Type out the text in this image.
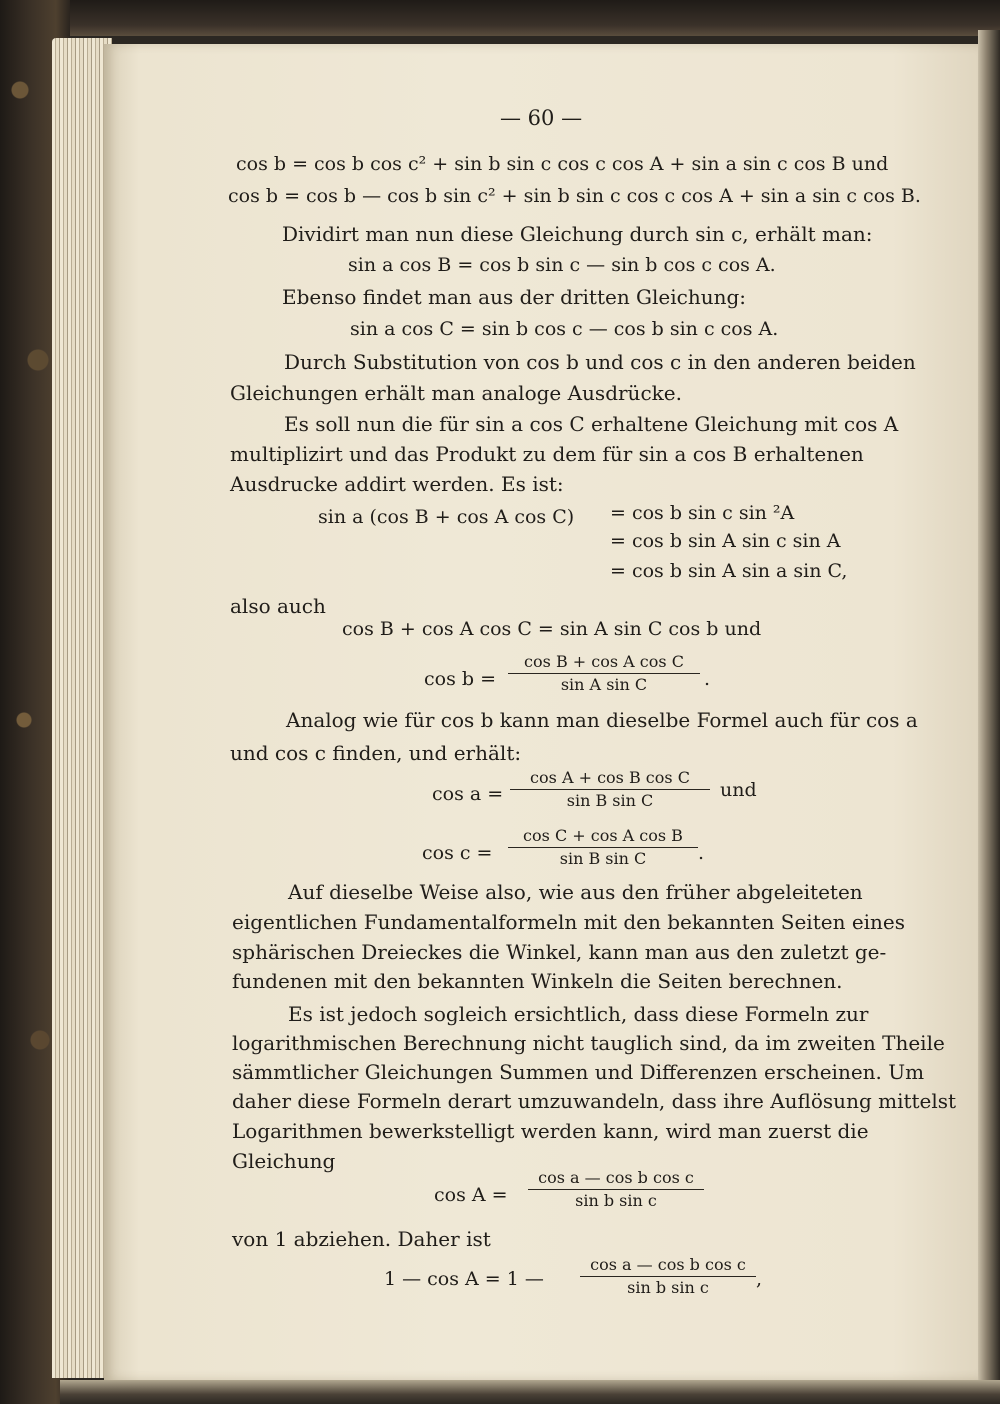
— 60 —
cos b = cos b cos c² + sin b sin c cos c cos A + sin a sin c cos B und
cos b = cos b — cos b sin c² + sin b sin c cos c cos A + sin a sin c cos B.
Dividirt man nun diese Gleichung durch sin c, erhält man:
sin a cos B = cos b sin c — sin b cos c cos A.
Ebenso findet man aus der dritten Gleichung:
sin a cos C = sin b cos c — cos b sin c cos A.
Durch Substitution von cos b und cos c in den anderen beiden
Gleichungen erhält man analoge Ausdrücke.
Es soll nun die für sin a cos C erhaltene Gleichung mit cos A
multiplizirt und das Produkt zu dem für sin a cos B erhaltenen
Ausdrucke addirt werden. Es ist:
sin a (cos B + cos A cos C) = cos b sin c sin ²A
= cos b sin A sin c sin A
= cos b sin A sin a sin C,
also auch
cos B + cos A cos C = sin A sin C cos b und
$\cos b = \frac{\text{cos B + cos A cos C}}{\text{sin A sin C}}$ .
Analog wie für cos b kann man dieselbe Formel auch für cos a
und cos c finden, und erhält:
$\cos a = \frac{\text{cos A + cos B cos C}}{\text{sin B sin C}}$ und
$\cos c = \frac{\text{cos C + cos A cos B}}{\text{sin B sin C}}$ .
Auf dieselbe Weise also, wie aus den früher abgeleiteten
eigentlichen Fundamentalformeln mit den bekannten Seiten eines
sphärischen Dreieckes die Winkel, kann man aus den zuletzt ge-
fundenen mit den bekannten Winkeln die Seiten berechnen.
Es ist jedoch sogleich ersichtlich, dass diese Formeln zur
logarithmischen Berechnung nicht tauglich sind, da im zweiten Theile
sämmtlicher Gleichungen Summen und Differenzen erscheinen. Um
daher diese Formeln derart umzuwandeln, dass ihre Auflösung mittelst
Logarithmen bewerkstelligt werden kann, wird man zuerst die
Gleichung
$\cos A = \frac{\text{cos a — cos b cos c}}{\text{sin b sin c}}$
von 1 abziehen. Daher ist
1 — cos A = 1 — $\frac{\text{cos a — cos b cos c}}{\text{sin b sin c}}$ ,
